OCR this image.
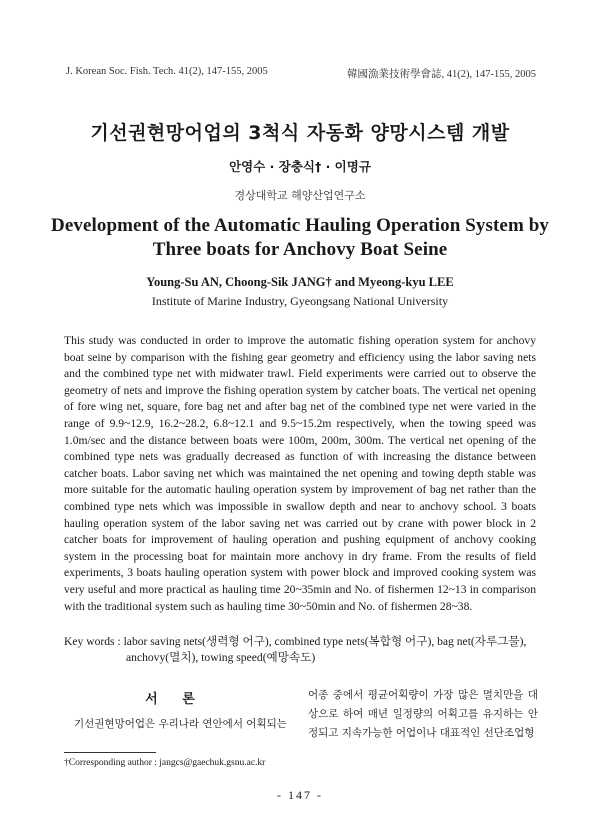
J. Korean Soc. Fish. Tech. 41(2), 147-155, 2005	韓國漁業技術學會誌, 41(2), 147-155, 2005
기선권현망어업의 3척식 자동화 양망시스템 개발
안영수 · 장충식† · 이명규
경상대학교 해양산업연구소
Development of the Automatic Hauling Operation System by
Three boats for Anchovy Boat Seine
Young-Su AN, Choong-Sik JANG† and Myeong-kyu LEE
Institute of Marine Industry, Gyeongsang National University

This study was conducted in order to improve the automatic fishing operation system for anchovy boat seine by comparison with the fishing gear geometry and efficiency using the labor saving nets and the combined type net with midwater trawl. Field experiments were carried out to observe the geometry of nets and improve the fishing operation system by catcher boats. The vertical net opening of fore wing net, square, fore bag net and after bag net of the combined type net were varied in the range of 9.9~12.9, 16.2~28.2, 6.8~12.1 and 9.5~15.2m respectively, when the towing speed was 1.0m/sec and the distance between boats were 100m, 200m, 300m. The vertical net opening of the combined type nets was gradually decreased as function of with increasing the distance between catcher boats. Labor saving net which was maintained the net opening and towing depth stable was more suitable for the automatic hauling operation system by improvement of bag net rather than the combined type nets which was impossible in swallow depth and near to anchovy school. 3 boats hauling operation system of the labor saving net was carried out by crane with power block in 2 catcher boats for improvement of hauling operation and pushing equipment of anchovy cooking system in the processing boat for maintain more anchovy in dry frame. From the results of field experiments, 3 boats hauling operation system with power block and improved cooking system was very useful and more practical as hauling time 20~35min and No. of fishermen 12~13 in comparison with the traditional system such as hauling time 30~50min and No. of fishermen 28~38.

Key words : labor saving nets(생력형 어구), combined type nets(복합형 어구), bag net(자루그물),
anchovy(멸치), towing speed(예망속도)
서 론
기선권현망어업은 우리나라 연안에서 어획되는
어종 중에서 평균어획량이 가장 많은 멸치만을 대상으로 하여 매년 일정량의 어획고를 유지하는 안정되고 지속가능한 어업이나 대표적인 선단조업형
†Corresponding author : jangcs@gaechuk.gsnu.ac.kr
- 147 -
